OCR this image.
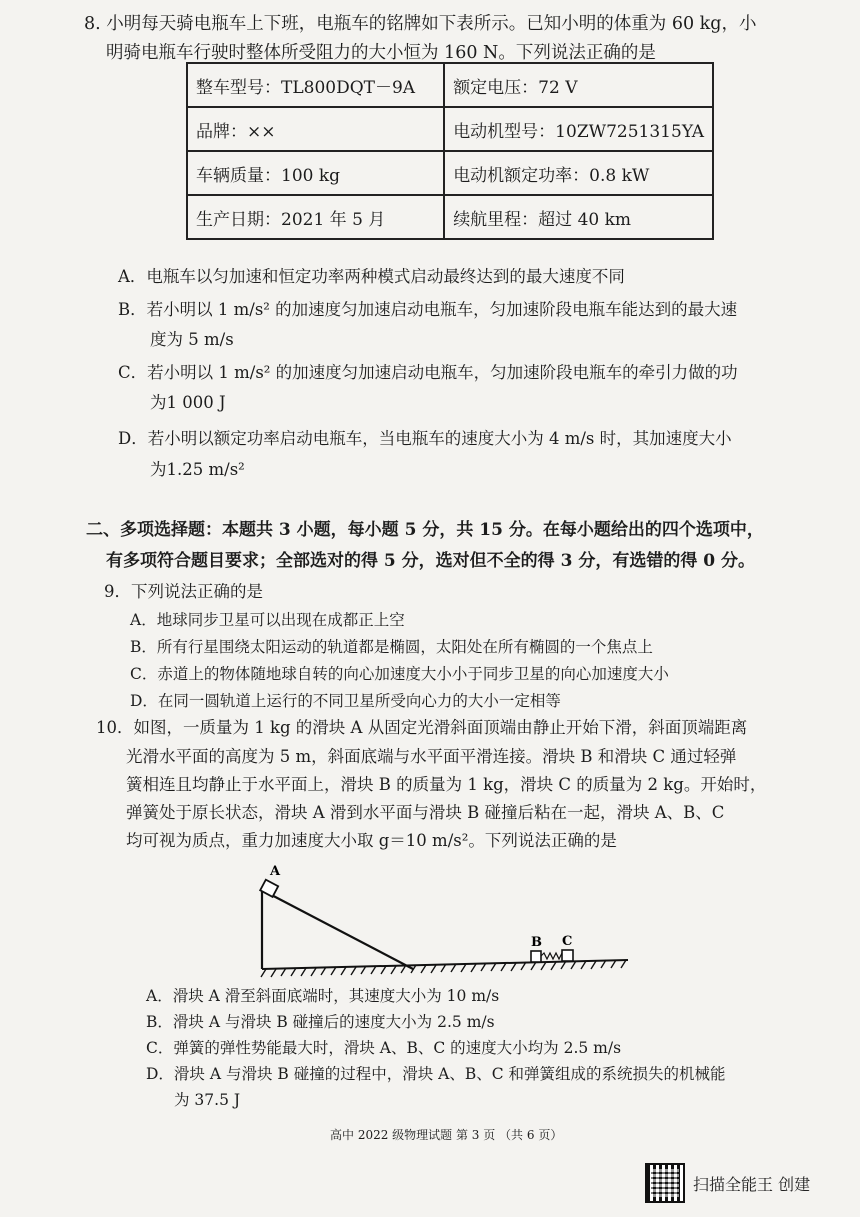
8. 小明每天骑电瓶车上下班，电瓶车的铭牌如下表所示。已知小明的体重为 60 kg，小
明骑电瓶车行驶时整体所受阻力的大小恒为 160 N。下列说法正确的是
整车型号：TL800DQT－9A	额定电压：72 V
品牌：××	电动机型号：10ZW7251315YA
车辆质量：100 kg	电动机额定功率：0.8 kW
生产日期：2021 年 5 月	续航里程：超过 40 km
A．电瓶车以匀加速和恒定功率两种模式启动最终达到的最大速度不同
B．若小明以 1 m/s² 的加速度匀加速启动电瓶车，匀加速阶段电瓶车能达到的最大速
度为 5 m/s
C．若小明以 1 m/s² 的加速度匀加速启动电瓶车，匀加速阶段电瓶车的牵引力做的功
为1 000 J
D．若小明以额定功率启动电瓶车，当电瓶车的速度大小为 4 m/s 时，其加速度大小
为1.25 m/s²
二、多项选择题：本题共 3 小题，每小题 5 分，共 15 分。在每小题给出的四个选项中，
有多项符合题目要求；全部选对的得 5 分，选对但不全的得 3 分，有选错的得 0 分。
9．下列说法正确的是
A．地球同步卫星可以出现在成都正上空
B．所有行星围绕太阳运动的轨道都是椭圆，太阳处在所有椭圆的一个焦点上
C．赤道上的物体随地球自转的向心加速度大小小于同步卫星的向心加速度大小
D．在同一圆轨道上运行的不同卫星所受向心力的大小一定相等
10．如图，一质量为 1 kg 的滑块 A 从固定光滑斜面顶端由静止开始下滑，斜面顶端距离
光滑水平面的高度为 5 m，斜面底端与水平面平滑连接。滑块 B 和滑块 C 通过轻弹
簧相连且均静止于水平面上，滑块 B 的质量为 1 kg，滑块 C 的质量为 2 kg。开始时，
弹簧处于原长状态，滑块 A 滑到水平面与滑块 B 碰撞后粘在一起，滑块 A、B、C
均可视为质点，重力加速度大小取 g＝10 m/s²。下列说法正确的是
A
B C
A．滑块 A 滑至斜面底端时，其速度大小为 10 m/s
B．滑块 A 与滑块 B 碰撞后的速度大小为 2.5 m/s
C．弹簧的弹性势能最大时，滑块 A、B、C 的速度大小均为 2.5 m/s
D．滑块 A 与滑块 B 碰撞的过程中，滑块 A、B、C 和弹簧组成的系统损失的机械能
为 37.5 J
高中 2022 级物理试题 第 3 页 （共 6 页）
扫描全能王 创建
